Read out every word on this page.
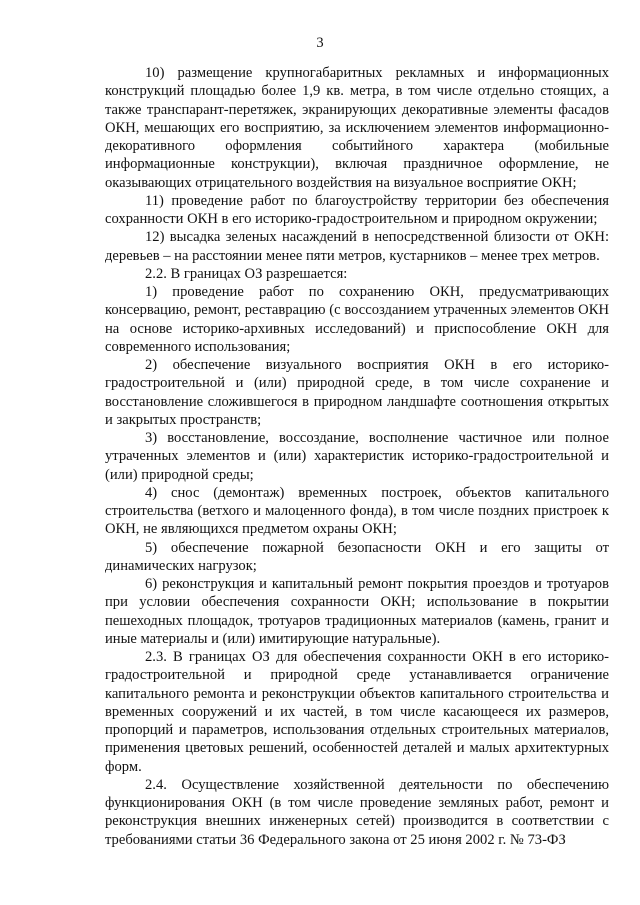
3

10) размещение крупногабаритных рекламных и информационных конструкций площадью более 1,9 кв. метра, в том числе отдельно стоящих, а также транспарант-перетяжек, экранирующих декоративные элементы фасадов ОКН, мешающих его восприятию, за исключением элементов информационно-декоративного оформления событийного характера (мобильные информационные конструкции), включая праздничное оформление, не оказывающих отрицательного воздействия на визуальное восприятие ОКН;

11) проведение работ по благоустройству территории без обеспечения сохранности ОКН в его историко-градостроительном и природном окружении;

12) высадка зеленых насаждений в непосредственной близости от ОКН: деревьев – на расстоянии менее пяти метров, кустарников – менее трех метров.

2.2. В границах ОЗ разрешается:

1) проведение работ по сохранению ОКН, предусматривающих консервацию, ремонт, реставрацию (с воссозданием утраченных элементов ОКН на основе историко-архивных исследований) и приспособление ОКН для современного использования;

2) обеспечение визуального восприятия ОКН в его историко-градостроительной и (или) природной среде, в том числе сохранение и восстановление сложившегося в природном ландшафте соотношения открытых и закрытых пространств;

3) восстановление, воссоздание, восполнение частичное или полное утраченных элементов и (или) характеристик историко-градостроительной и (или) природной среды;

4) снос (демонтаж) временных построек, объектов капитального строительства (ветхого и малоценного фонда), в том числе поздних пристроек к ОКН, не являющихся предметом охраны ОКН;

5) обеспечение пожарной безопасности ОКН и его защиты от динамических нагрузок;

6) реконструкция и капитальный ремонт покрытия проездов и тротуаров при условии обеспечения сохранности ОКН; использование в покрытии пешеходных площадок, тротуаров традиционных материалов (камень, гранит и иные материалы и (или) имитирующие натуральные).

2.3. В границах ОЗ для обеспечения сохранности ОКН в его историко-градостроительной и природной среде устанавливается ограничение капитального ремонта и реконструкции объектов капитального строительства и временных сооружений и их частей, в том числе касающееся их размеров, пропорций и параметров, использования отдельных строительных материалов, применения цветовых решений, особенностей деталей и малых архитектурных форм.

2.4. Осуществление хозяйственной деятельности по обеспечению функционирования ОКН (в том числе проведение земляных работ, ремонт и реконструкция внешних инженерных сетей) производится в соответствии с требованиями статьи 36 Федерального закона от 25 июня 2002 г. № 73-ФЗ
